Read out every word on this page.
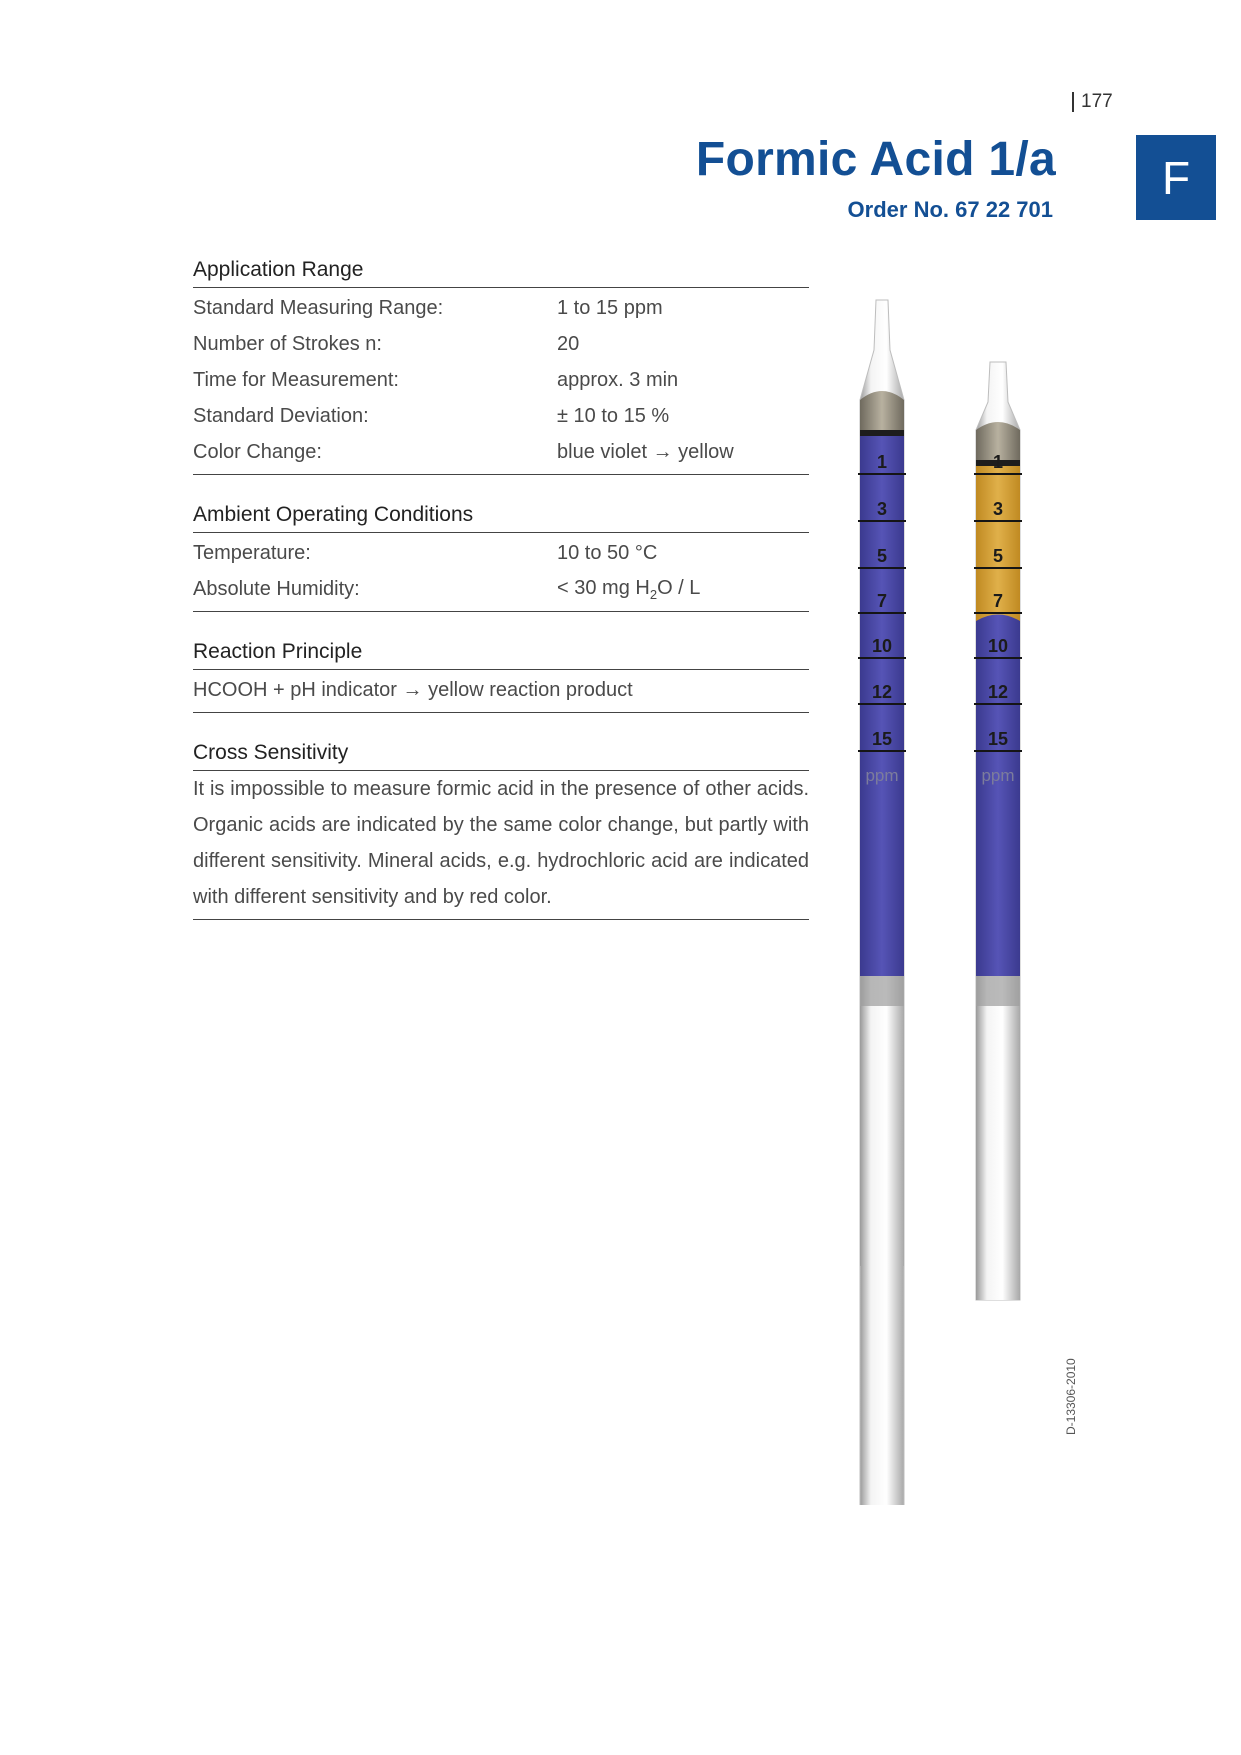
177
Formic Acid 1/a
Order No. 67 22 701
F
Application Range
Standard Measuring Range:	1 to 15 ppm
Number of Strokes n:	20
Time for Measurement:	approx. 3 min
Standard Deviation:	± 10 to 15 %
Color Change:	blue violet → yellow
Ambient Operating Conditions
Temperature:	10 to 50 °C
Absolute Humidity:	< 30 mg $H_2O$ / L
Reaction Principle
HCOOH + pH indicator → yellow reaction product
Cross Sensitivity
It is impossible to measure formic acid in the presence of other acids. Organic acids are indicated by the same color change, but partly with different sensitivity. Mineral acids, e.g. hydrochloric acid are indicated with different sensitivity and by red color.
1
3
5
7
10
12
15
ppm
1
3
5
7
10
12
15
ppm
D-13306-2010
